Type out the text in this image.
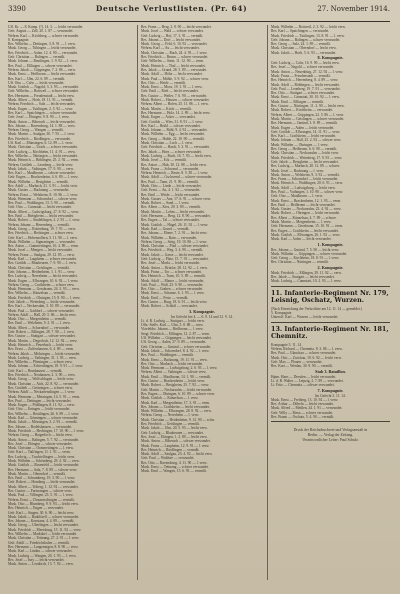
3390	Deutsche Verlustlisten. (Pr. 64)	27. November 1914.
Uff. Kr. — 8. Komp. (?), 14. 3. — leicht verwundet.
Gefr. August — Zell, 20. 1. 87 — verwundet.
Wehrm. Karl — Kirchberg — schwer verwundet.
8. Kompagnie.
Res. Wilhelm — Dettingen, 3. 8. 91 — l. verw.
Musk. Georg — Tübingen — leicht verwundet.
Res. Friedrich — Aalen, 12. 4. 90 — verwundet.
Gefr. Christian — Balingen — vermißt.
Musk. Johann — Reutlingen, 1. 9. 92 — l. verw.
Res. Paul — Eßlingen — schwer verwundet.
Wehrm. Jakob — Göppingen, 7. 2. 86 — verw.
Musk. Ernst — Heilbronn — leicht verwundet.
Res. Karl — Ulm, 22. 6. 89 — vermißt.
Uff. Otto — Calw — leicht verwundet.
Musk. Gottlob — Nagold, 3. 3. 93 — verwundet.
Gefr. Wilhelm — Rottweil — schwer verwundet.
Res. Hermann — Freudenstadt — leicht verw.
Musk. Albert — Horb, 18. 11. 91 — vermißt.
Wehrm. Friedrich — Sulz — leicht verwundet.
Musk. Eugen — Tuttlingen, 2. 5. 92 — verw.
Res. Karl — Spaichingen — schwer verwundet.
Gefr. Josef — Ehingen, 9. 8. 90 — l. verw.
Musk. Anton — Biberach — leicht verwundet.
Res. Johann — Ravensburg, 14. 1. 88 — verw.
Wehrm. Georg — Wangen — vermißt.
Musk. Martin — Saulgau, 30. 7. 93 — l. verw.
Res. Friedrich — Riedlingen — verwundet.
Uff. Karl — Münsingen, 6. 12. 89 — l. verw.
Musk. Christian — Urach — schwer verwundet.
Gefr. Ludwig — Kirchheim, 11. 4. 91 — verw.
Res. Wilhelm — Nürtingen — leicht verwundet.
Musk. Heinrich — Böblingen, 25. 2. 92 — verm.
Wehrm. Gottlieb — Leonberg — leicht verw.
Musk. Jakob — Vaihingen, 17. 9. 90 — verw.
Res. Karl — Maulbronn — schwer verwundet.
Gefr. Eugen — Brackenheim, 4. 6. 89 — l. verw.
Musk. Wilhelm — Besigheim — vermißt.
Res. Adolf — Marbach, 21. 3. 91 — leicht verw.
Musk. Gustav — Backnang — verwundet.
Wehrm. Ernst — Welzheim, 8. 10. 86 — l. verw.
Musk. Hermann — Schorndorf — schwer verw.
Res. Paul — Waiblingen, 13. 5. 90 — vermißt.
Gefr. Otto — Cannstatt — leicht verwundet.
Musk. Albert — Ludwigsburg, 27. 8. 92 — verw.
Res. Emil — Bietigheim — leicht verwundet.
Musk. Robert — Sindelfingen, 2. 2. 93 — l. verw.
Wehrm. Johann — Herrenberg — vermißt.
Musk. Georg — Rottenburg, 19. 7. 91 — verw.
Res. Friedrich — Hechingen — schwer verw.
Gefr. Karl — Hohenzollern, 5. 11. 90 — l. verw.
Musk. Wilhelm — Sigmaringen — verwundet.
Res. Anton — Gammertingen, 16. 4. 89 — verm.
Musk. Josef — Mengen — leicht verwundet.
Wehrm. Franz — Saulgau, 29. 12. 85 — verw.
Musk. Karl — Laupheim — schwer verwundet.
Res. Gottlob — Blaubeuren, 7. 9. 90 — l. verw.
Musk. Christian — Geislingen — vermißt.
Gefr. Johann — Heidenheim, 1. 1. 91 — verw.
Res. Ludwig — Neresheim — leicht verwundet.
Musk. Eugen — Ellwangen, 10. 6. 92 — l. verw.
Wehrm. Georg — Crailsheim — schwer verw.
Musk. Hermann — Gerabronn, 24. 3. 93 — verw.
Res. Wilhelm — Künzelsau — vermißt.
Musk. Friedrich — Öhringen, 15. 8. 90 — l. verw.
Gefr. Jakob — Weinsberg — leicht verwundet.
Res. Karl — Neckarsulm, 3. 10. 89 — verwundet.
Musk. Paul — Gaildorf — schwer verwundet.
Wehrm. Adolf — Hall, 20. 5. 86 — leicht verw.
Musk. Otto — Mergentheim — vermißt.
Res. Emil — Welzheim, 9. 2. 91 — l. verw.
Musk. Albert — Schorndorf — verwundet.
Gefr. Robert — Eßlingen, 28. 7. 90 — l. verw.
Res. Gustav — Stuttgart — schwer verwundet.
Musk. Martin — Degerloch, 12. 12. 92 — verw.
Musk. Heinrich — Feuerbach — leicht verw.
Res. Ernst — Zuffenhausen, 6. 4. 89 — verm.
Wehrm. Jakob — Möhringen — leicht verwundet.
Musk. Ludwig — Vaihingen, 31. 1. 93 — verw.
Res. Wilhelm — Plieningen — schwer verw.
Musk. Johann — Echterdingen, 18. 9. 91 — l. verw.
Gefr. Karl — Bernhausen — vermißt.
Res. Friedrich — Neuhausen, 2. 3. 90 — verw.
Musk. Georg — Wolfschlugen — leicht verw.
Musk. Christian — Aich, 22. 8. 92 — verwundet.
Res. Gottlieb — Grötzingen — schwer verw.
Wehrm. Adolf — Neckartenzlingen — l. verw.
Musk. Hermann — Metzingen, 14. 5. 91 — verm.
Res. Paul — Dettingen — leicht verwundet.
Musk. Eugen — Pfullingen, 8. 11. 92 — verw.
Gefr. Otto — Eningen — leicht verwundet.
Res. Wilhelm — Reutlingen, 26. 6. 89 — l. verw.
Musk. Karl — Gönningen — schwer verwundet.
Musk. Jakob — Mössingen, 3. 2. 93 — vermißt.
Res. Johann — Bodelshausen — verwundet.
Musk. Friedrich — Hechingen, 17. 10. 90 — l. verw.
Wehrm. Georg — Haigerloch — leicht verw.
Musk. Anton — Balingen, 5. 7. 92 — verwundet.
Res. Josef — Ebingen — schwer verwundet.
Musk. Christian — Onstmettingen — l. verw.
Gefr. Karl — Tailfingen, 11. 1. 91 — verm.
Res. Ludwig — Truchtelfingen — leicht verw.
Musk. Wilhelm — Schömberg, 29. 4. 92 — verw.
Musk. Gottlob — Rosenfeld — leicht verwundet.
Res. Hermann — Sulz, 7. 8. 89 — schwer verw.
Musk. Martin — Oberndorf — vermißt.
Res. Emil — Schramberg, 19. 3. 90 — l. verw.
Gefr. Robert — Hornberg — leicht verwundet.
Musk. Albert — Triberg, 1. 12. 92 — verwundet.
Res. Gustav — Furtwangen — schwer verw.
Musk. Paul — Villingen, 23. 5. 91 — l. verw.
Wehrm. Ernst — Donaueschingen — vermißt.
Musk. Otto — Blumberg, 9. 9. 93 — leicht verw.
Res. Heinrich — Engen — verwundet.
Gefr. Karl — Singen, 30. 6. 90 — leicht verw.
Musk. Jakob — Radolfzell — schwer verwundet.
Res. Johann — Konstanz, 4. 4. 89 — vermißt.
Musk. Georg — Überlingen — leicht verwundet.
Musk. Friedrich — Meersburg, 15. 11. 92 — verw.
Res. Wilhelm — Markdorf — leicht verwundet.
Musk. Christian — Tettnang, 27. 2. 91 — l. verw.
Gefr. Adolf — Friedrichshafen — vermißt.
Res. Hermann — Langenargen, 8. 8. 90 — verw.
Musk. Karl — Lindau — schwer verwundet.
Musk. Ludwig — Wangen, 20. 1. 93 — l. verw.
Res. Josef — Isny — leicht verwundet.
Musk. Anton — Leutkirch, 13. 7. 92 — verw.
Res. Franz — Berg, 2. 8. 90 — leicht verwundet.
Musk. Josef — Wald — schwer verwundet.
Gefr. Ludwig — Hof, 17. 3. 91 — vermißt.
Res. Johann — Dorf — leicht verwundet.
Musk. Georg — Feld, 6. 10. 92 — verwundet.
Wehrm. Karl — Au — leicht verwundet.
Musk. Christian — Bach, 24. 4. 93 — l. verw.
Res. Friedrich — Brunn — schwer verwundet.
Gefr. Wilhelm — Stein, 11. 12. 90 — verm.
Musk. Heinrich — Thal — leicht verwundet.
Res. Jakob — Grund, 28. 5. 89 — verwundet.
Musk. Adolf — Höhe — leicht verwundet.
Musk. Paul — Mühle, 3. 9. 92 — schwer verw.
Res. Otto — Heide — vermißt.
Musk. Ernst — Moos, 19. 1. 91 — l. verw.
Gefr. Emil — Ried — leicht verwundet.
Res. Gustav — Weiler, 7. 6. 90 — verwundet.
Musk. Robert — Hausen — schwer verwundet.
Wehrm. Albert — Hofen, 25. 11. 86 — l. verw.
Musk. Martin — Kirch — vermißt.
Res. Hermann — Holz, 14. 2. 89 — leicht verw.
Musk. Eugen — Acker — verwundet.
Gefr. Gottlob — Wies, 31. 8. 91 — l. verw.
Res. Karl — Brühl — schwer verwundet.
Musk. Johann — Bühl, 9. 4. 92 — verwundet.
Musk. Wilhelm — Egg — leicht verwundet.
Res. Georg — Halde, 22. 10. 90 — vermißt.
Musk. Christian — Loch — l. verw.
Gefr. Friedrich — Hardt, 5. 3. 91 — verwundet.
Res. Jakob — Horn — schwer verwundet.
Musk. Ludwig — Buch, 16. 7. 93 — leicht verw.
Musk. Josef — Eck — vermißt.
Res. Anton — Hub, 30. 12. 88 — leicht verw.
Musk. Franz — Schwand — verwundet.
Wehrm. Heinrich — Reute, 8. 5. 85 — l. verw.
Musk. Adolf — Gschwend — schwer verwundet.
Res. Paul — Tann, 21. 9. 90 — vermißt.
Musk. Otto — Linde — leicht verwundet.
Gefr. Ernst — Au, 4. 1. 92 — verwundet.
Res. Emil — Weide — leicht verwundet.
Musk. Gustav — Aue, 17. 6. 91 — schwer verw.
Musk. Robert — Sand — l. verw.
Res. Albert — Kies, 29. 3. 89 — vermißt.
Musk. Martin — Lehm — leicht verwundet.
Gefr. Hermann — Berg, 12. 8. 90 — verwundet.
Res. Eugen — Tal — schwer verwundet.
Musk. Gottlob — Hügel, 26. 11. 92 — l. verw.
Musk. Karl — Grund — vermißt.
Res. Johann — Ebene, 7. 2. 91 — leicht verw.
Musk. Wilhelm — Rain — verwundet.
Wehrm. Georg — Steig, 19. 10. 86 — l. verw.
Musk. Christian — Pfad — schwer verwundet.
Res. Friedrich — Weg, 3. 4. 90 — vermißt.
Musk. Jakob — Gasse — leicht verwundet.
Gefr. Ludwig — Platz, 15. 7. 91 — verwundet.
Res. Josef — Markt — leicht verwundet.
Musk. Anton — Brücke, 28. 12. 92 — l. verw.
Musk. Franz — Tor — schwer verwundet.
Res. Heinrich — Turm, 10. 5. 89 — vermißt.
Musk. Adolf — Mauer — leicht verwundet.
Gefr. Paul — Wall, 23. 9. 90 — verwundet.
Res. Otto — Graben — schwer verwundet.
Musk. Ernst — Schanze, 6. 1. 93 — l. verw.
Musk. Emil — Feste — vermißt.
Res. Gustav — Burg, 18. 6. 91 — leicht verw.
Musk. Robert — Schloß — verwundet.
3. Kompagnie.
Im Gefecht bei 4. — 6. 9. 14 und 12. 9. 14.
Lt. d. R. Ludwig — Stuttgart — leicht verw.
Offz.-Stellv. Karl — Ulm, 3. 8. 88 — verw.
Vizefeldw. Johann — Heilbronn — l. verw.
Sergt. Friedrich — Eßlingen, 12. 2. 87 — verm.
Uff. Wilhelm — Göppingen — leicht verwundet.
Uff. Georg — Aalen, 27. 9. 89 — verwundet.
Gefr. Christian — Gmünd — schwer verwundet.
Musk. Jakob — Schorndorf, 8. 4. 92 — l. verw.
Res. Paul — Waiblingen — vermißt.
Musk. Ernst — Backnang, 19. 11. 91 — verw.
Res. Otto — Marbach — leicht verwundet.
Musk. Hermann — Ludwigsburg, 2. 6. 93 — l. verw.
Wehrm. Albert — Vaihingen — schwer verw.
Musk. Emil — Maulbronn, 14. 1. 90 — vermißt.
Res. Gustav — Brackenheim — leicht verw.
Musk. Robert — Besigheim, 25. 7. 92 — verw.
Gefr. Martin — Neckarsulm — leicht verwundet.
Res. Eugen — Öhringen, 6. 10. 89 — schwer verw.
Musk. Gottlob — Künzelsau — l. verw.
Musk. Karl — Mergentheim, 17. 3. 91 — verm.
Res. Johann — Crailsheim — leicht verwundet.
Musk. Wilhelm — Ellwangen, 28. 8. 92 — verw.
Wehrm. Georg — Neresheim — l. verw.
Musk. Christian — Heidenheim, 9. 12. 90 — schw.
Res. Friedrich — Geislingen — vermißt.
Musk. Jakob — Ulm, 20. 5. 93 — leicht verw.
Gefr. Ludwig — Blaubeuren — verwundet.
Res. Josef — Ehingen, 1. 2. 89 — leicht verw.
Musk. Anton — Biberach — schwer verwundet.
Musk. Franz — Laupheim, 12. 9. 91 — l. verw.
Res. Heinrich — Riedlingen — vermißt.
Musk. Adolf — Saulgau, 23. 4. 92 — leicht verw.
Gefr. Paul — Waldsee — verwundet.
Res. Otto — Ravensburg, 4. 11. 90 — l. verw.
Musk. Ernst — Tettnang — schwer verwundet.
Musk. Emil — Wangen, 15. 6. 93 — vermißt.
Musk. Wilhelm — Rottweil, 2. 3. 92 — leicht verw.
Res. Karl — Spaichingen — verwundet.
Musk. Friedrich — Tuttlingen, 13. 8. 91 — l. verw.
Gefr. Johann — Balingen — schwer verwundet.
Res. Georg — Sulz, 24. 1. 89 — vermißt.
Musk. Christian — Oberndorf — leicht verw.
Musk. Jakob — Horb, 5. 6. 93 — verwundet.
8. Kompagnie.
Gefr. Ludwig — Calw, 16. 9. 90 — leicht verw.
Res. Josef — Nagold — schwer verwundet.
Musk. Anton — Neuenbürg, 27. 12. 92 — l. verw.
Musk. Franz — Freudenstadt — vermißt.
Res. Heinrich — Herrenberg, 8. 4. 89 — verw.
Musk. Adolf — Böblingen — leicht verwundet.
Gefr. Paul — Leonberg, 19. 7. 91 — verwundet.
Res. Otto — Stuttgart — schwer verwundet.
Musk. Ernst — Cannstatt, 30. 10. 92 — l. verw.
Musk. Emil — Eßlingen — vermißt.
Res. Gustav — Nürtingen, 11. 2. 90 — leicht verw.
Musk. Robert — Kirchheim — verwundet.
Wehrm. Albert — Göppingen, 22. 5. 86 — l. verw.
Musk. Martin — Geislingen — schwer verwundet.
Res. Hermann — Gmünd, 3. 8. 89 — vermißt.
Musk. Eugen — Aalen — leicht verwundet.
Gefr. Gottlob — Ellwangen, 14. 11. 91 — verw.
Res. Karl — Crailsheim — leicht verwundet.
Musk. Johann — Hall, 25. 2. 92 — schwer verw.
Musk. Wilhelm — Öhringen — l. verw.
Res. Georg — Heilbronn, 6. 6. 90 — vermißt.
Musk. Christian — Neckarsulm — leicht verw.
Musk. Friedrich — Weinsberg, 17. 9. 93 — verw.
Gefr. Jakob — Besigheim — leicht verwundet.
Res. Ludwig — Marbach, 28. 12. 89 — schwer.
Musk. Josef — Backnang — l. verw.
Musk. Anton — Welzheim, 9. 3. 92 — vermißt.
Res. Franz — Schorndorf — leicht verwundet.
Musk. Heinrich — Waiblingen, 20. 6. 91 — verw.
Musk. Adolf — Ludwigsburg — leicht verw.
Res. Paul — Vaihingen, 1. 10. 90 — schwer verw.
Gefr. Otto — Maulbronn — l. verw.
Musk. Ernst — Brackenheim, 12. 1. 93 — verm.
Res. Emil — Heilbronn — leicht verwundet.
Musk. Gustav — Neckarsulm, 23. 4. 92 — verw.
Musk. Robert — Öhringen — leicht verwundet.
Res. Albert — Künzelsau, 4. 7. 89 — schwer.
Musk. Martin — Mergentheim — l. verw.
Gefr. Hermann — Gerabronn, 15. 10. 91 — verm.
Res. Eugen — Crailsheim — leicht verwundet.
Musk. Gottlob — Ellwangen, 26. 1. 92 — verw.
Musk. Karl — Aalen — leicht verwundet.
1. Kompagnie.
Res. Johann — Gmünd, 7. 5. 90 — leicht verw.
Musk. Wilhelm — Göppingen — schwer verwundet.
Gefr. Georg — Kirchheim, 18. 8. 91 — l. verw.
Res. Christian — Nürtingen — vermißt.
2. Kompagnie.
Musk. Friedrich — Eßlingen, 29. 11. 92 — verw.
Res. Jakob — Stuttgart — leicht verwundet.
Musk. Ludwig — Cannstatt, 10. 2. 93 — l. verw.
11. Infanterie-Regiment Nr. 179, Leisnig, Oschatz, Wurzen.
(Nach Einreichung der Verlustliste am 12. 11. 14 — gemeldet.)
5. Kompagnie.
Unteroff. Karl — Wurzen — leicht verwundet.
13. Infanterie-Regiment Nr. 181, Chemnitz.
Kompagnie 5. 11. 14.
Wehrm. Richard — Chemnitz, 8. 3. 86 — l. verw.
Res. Paul — Glauchau — schwer verwundet.
Musk. Otto — Zwickau, 19. 6. 92 — leicht verw.
Gefr. Max — Plauen — verwundet.
Res. Kurt — Werdau, 30. 9. 90 — vermißt.
Stab 3. Bataillon.
Hptm. Hans — Dresden — leicht verwundet.
Lt. d. R. Walter — Leipzig, 2. 7. 89 — verwundet.
Lt. Fritz — Chemnitz — schwer verwundet.
7. Kompagnie.
Im Gefecht 3. 11. 14.
Musk. Ernst — Freiberg, 13. 10. 92 — l. verw.
Res. Arthur — Döbeln — leicht verwundet.
Musk. Alfred — Meißen, 24. 1. 91 — verwundet.
Gefr. Willy — Riesa — schwer verwundet.
Res. Bruno — Oschatz, 5. 4. 90 — vermißt.
Druck der Reichsdruckerei und Verlagsanstalt in
Berlin. — Verlag der Zeitung.
Verantwortlicher Leiter: Paul Schulz.
